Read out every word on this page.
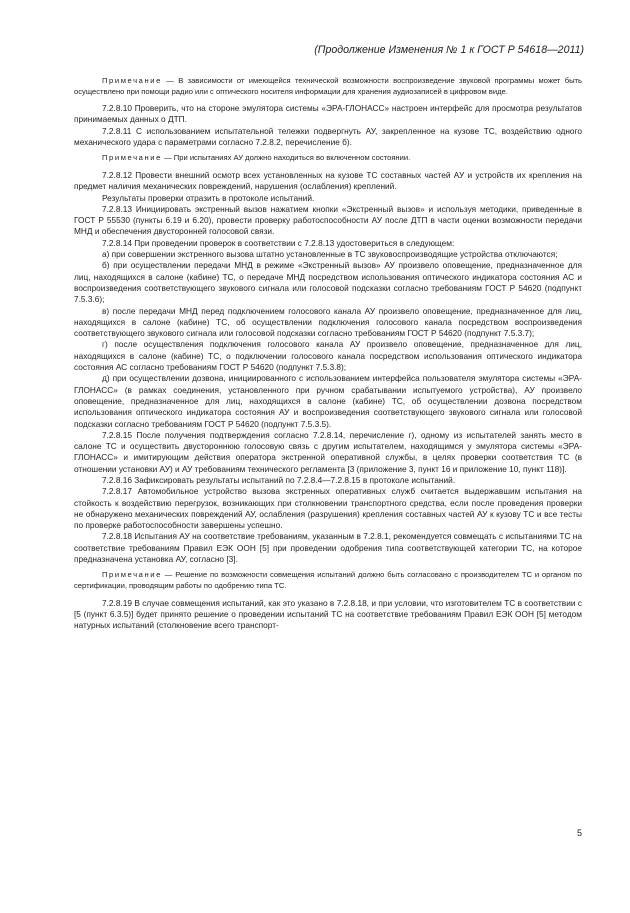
(Продолжение Изменения № 1 к ГОСТ Р 54618—2011)

Примечание — В зависимости от имеющейся технической возможности воспроизведение звуковой программы может быть осуществлено при помощи радио или с оптического носителя информации для хранения аудиозаписей в цифровом виде.

7.2.8.10 Проверить, что на стороне эмулятора системы «ЭРА-ГЛОНАСС» настроен интерфейс для просмотра результатов принимаемых данных о ДТП.

7.2.8.11 С использованием испытательной тележки подвергнуть АУ, закрепленное на кузове ТС, воздействию одного механического удара с параметрами согласно 7.2.8.2, перечисление б).

Примечание — При испытаниях АУ должно находиться во включенном состоянии.

7.2.8.12 Провести внешний осмотр всех установленных на кузове ТС составных частей АУ и устройств их крепления на предмет наличия механических повреждений, нарушения (ослабления) креплений.

Результаты проверки отразить в протоколе испытаний.

7.2.8.13 Инициировать экстренный вызов нажатием кнопки «Экстренный вызов» и используя методики, приведенные в ГОСТ Р 55530 (пункты 6.19 и 6.20), провести проверку работоспособности АУ после ДТП в части оценки возможности передачи МНД и обеспечения двусторонней голосовой связи.

7.2.8.14 При проведении проверок в соответствии с 7.2.8.13 удостовериться в следующем:

а) при совершении экстренного вызова штатно установленные в ТС звуковоспроизводящие устройства отключаются;

б) при осуществлении передачи МНД в режиме «Экстренный вызов» АУ произвело оповещение, предназначенное для лиц, находящихся в салоне (кабине) ТС, о передаче МНД посредством использования оптического индикатора состояния АС и воспроизведения соответствующего звукового сигнала или голосовой подсказки согласно требованиям ГОСТ Р 54620 (подпункт 7.5.3.6);

в) после передачи МНД перед подключением голосового канала АУ произвело оповещение, предназначенное для лиц, находящихся в салоне (кабине) ТС, об осуществлении подключения голосового канала посредством воспроизведения соответствующего звукового сигнала или голосовой подсказки согласно требованиям ГОСТ Р 54620 (подпункт 7.5.3.7);

г) после осуществления подключения голосового канала АУ произвело оповещение, предназначенное для лиц, находящихся в салоне (кабине) ТС, о подключении голосового канала посредством использования оптического индикатора состояния АС согласно требованиям ГОСТ Р 54620 (подпункт 7.5.3.8);

д) при осуществлении дозвона, инициированного с использованием интерфейса пользователя эмулятора системы «ЭРА-ГЛОНАСС» (в рамках соединения, установленного при ручном срабатывании испытуемого устройства), АУ произвело оповещение, предназначенное для лиц, находящихся в салоне (кабине) ТС, об осуществлении дозвона посредством использования оптического индикатора состояния АУ и воспроизведения соответствующего звукового сигнала или голосовой подсказки согласно требованиям ГОСТ Р 54620 (подпункт 7.5.3.5).

7.2.8.15 После получения подтверждения согласно 7.2.8.14, перечисление г), одному из испытателей занять место в салоне ТС и осуществить двустороннюю голосовую связь с другим испытателем, находящимся у эмулятора системы «ЭРА-ГЛОНАСС» и имитирующим действия оператора экстренной оперативной службы, в целях проверки соответствия ТС (в отношении установки АУ) и АУ требованиям технического регламента [3 (приложение 3, пункт 16 и приложение 10, пункт 118)].

7.2.8.16 Зафиксировать результаты испытаний по 7.2.8.4—7.2.8.15 в протоколе испытаний.

7.2.8.17 Автомобильное устройство вызова экстренных оперативных служб считается выдержавшим испытания на стойкость к воздействию перегрузок, возникающих при столкновении транспортного средства, если после проведения проверки не обнаружено механических повреждений АУ, ослабления (разрушения) крепления составных частей АУ к кузову ТС и все тесты по проверке работоспособности завершены успешно.

7.2.8.18 Испытания АУ на соответствие требованиям, указанным в 7.2.8.1, рекомендуется совмещать с испытаниями ТС на соответствие требованиям Правил ЕЭК ООН [5] при проведении одобрения типа соответствующей категории ТС, на которое предназначена установка АУ, согласно [3].

Примечание — Решение по возможности совмещения испытаний должно быть согласовано с производителем ТС и органом по сертификации, проводящим работы по одобрению типа ТС.

7.2.8.19 В случае совмещения испытаний, как это указано в 7.2.8.18, и при условии, что изготовителем ТС в соответствии с [5 (пункт 6.3.5)] будет принято решение о проведении испытаний ТС на соответствие требованиям Правил ЕЭК ООН [5] методом натурных испытаний (столкновение всего транспорт-

5
